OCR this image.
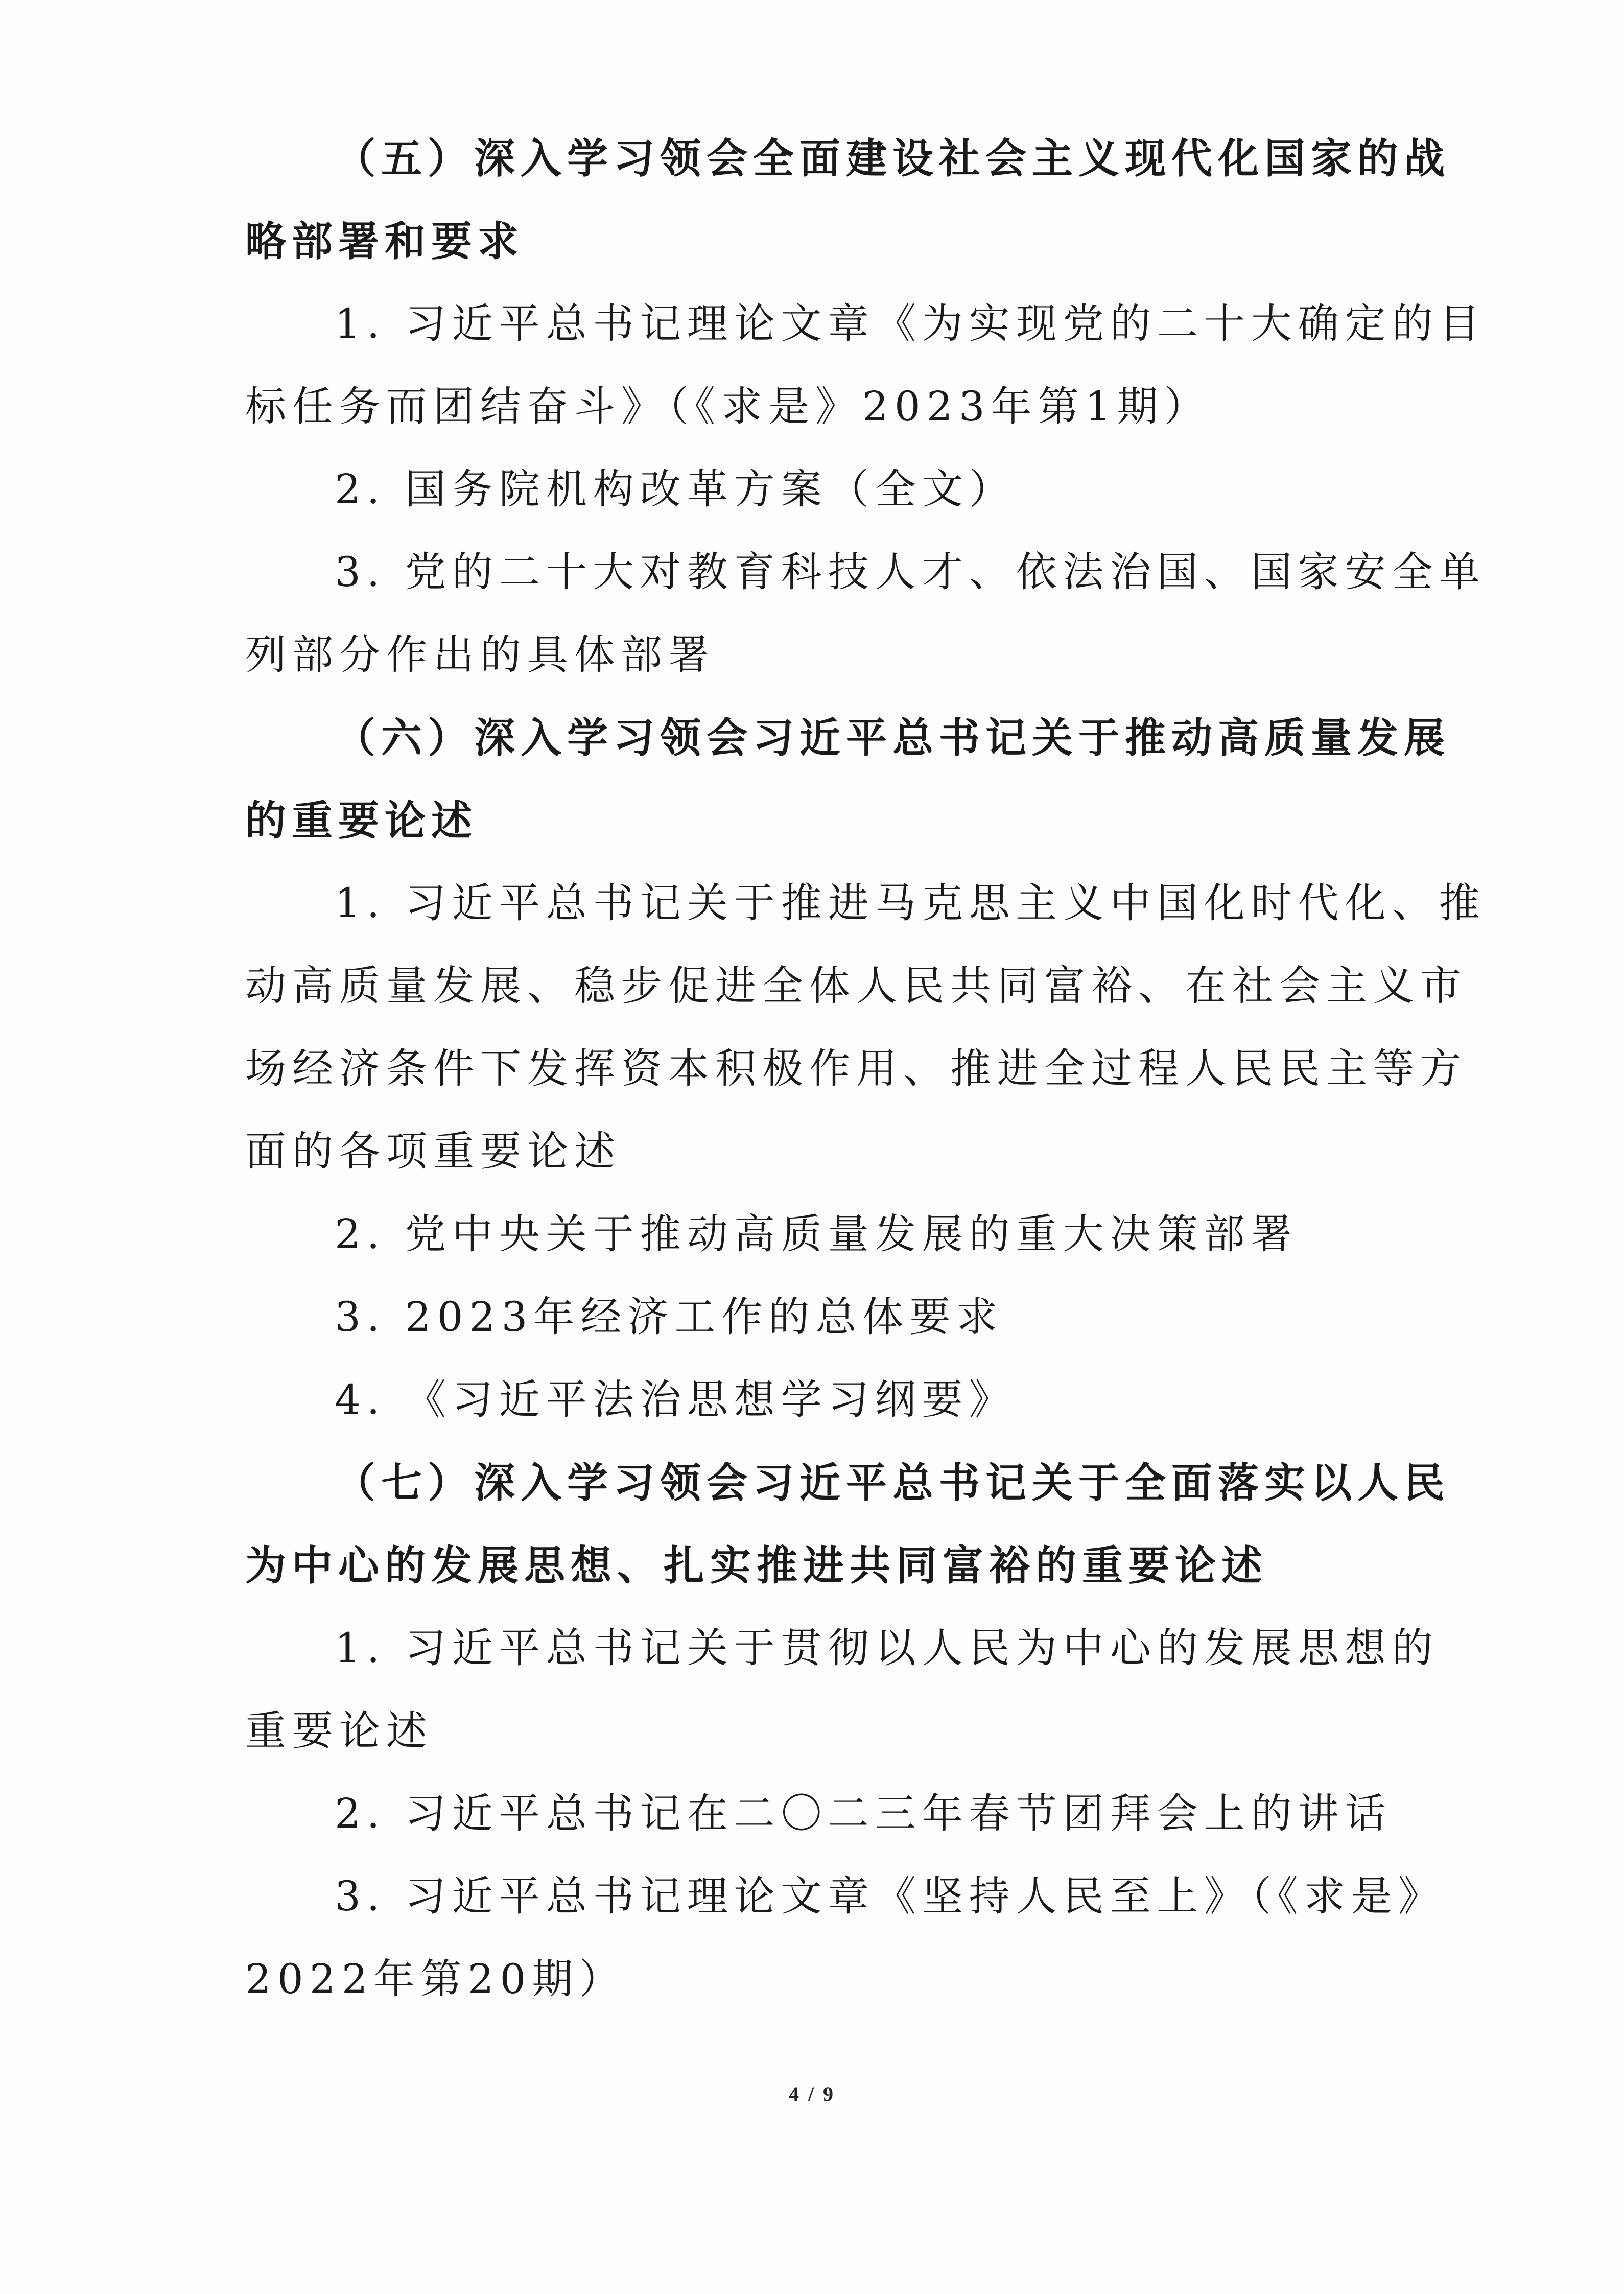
（五）深入学习领会全面建设社会主义现代化国家的战
略部署和要求
1. 习近平总书记理论文章《为实现党的二十大确定的目
标任务而团结奋斗》（《求是》2023年第1期）
2. 国务院机构改革方案（全文）
3. 党的二十大对教育科技人才、依法治国、国家安全单
列部分作出的具体部署
（六）深入学习领会习近平总书记关于推动高质量发展
的重要论述
1. 习近平总书记关于推进马克思主义中国化时代化、推
动高质量发展、稳步促进全体人民共同富裕、在社会主义市
场经济条件下发挥资本积极作用、推进全过程人民民主等方
面的各项重要论述
2. 党中央关于推动高质量发展的重大决策部署
3. 2023年经济工作的总体要求
4. 《习近平法治思想学习纲要》
（七）深入学习领会习近平总书记关于全面落实以人民
为中心的发展思想、扎实推进共同富裕的重要论述
1. 习近平总书记关于贯彻以人民为中心的发展思想的
重要论述
2. 习近平总书记在二〇二三年春节团拜会上的讲话
3. 习近平总书记理论文章《坚持人民至上》（《求是》
2022年第20期）
4 / 9
